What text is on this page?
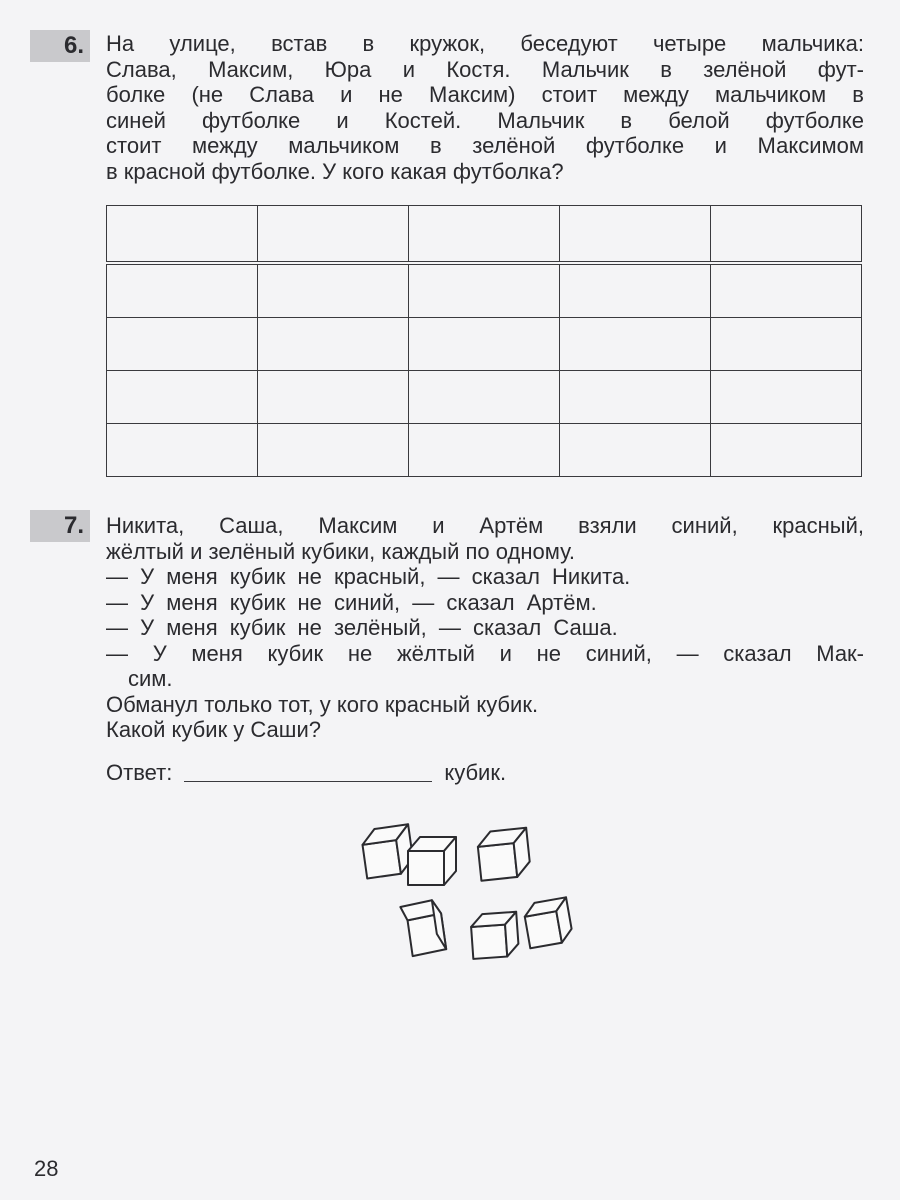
6. На улице, встав в кружок, беседуют четыре мальчика:
Слава, Максим, Юра и Костя. Мальчик в зелёной фут-
болке (не Слава и не Максим) стоит между мальчиком в
синей футболке и Костей. Мальчик в белой футболке
стоит между мальчиком в зелёной футболке и Максимом
в красной футболке. У кого какая футболка?

7. Никита, Саша, Максим и Артём взяли синий, красный,
жёлтый и зелёный кубики, каждый по одному.
— У меня кубик не красный, — сказал Никита.
— У меня кубик не синий, — сказал Артём.
— У меня кубик не зелёный, — сказал Саша.
— У меня кубик не жёлтый и не синий, — сказал Мак-
сим.
Обманул только тот, у кого красный кубик.
Какой кубик у Саши?
Ответ:	кубик.
28
